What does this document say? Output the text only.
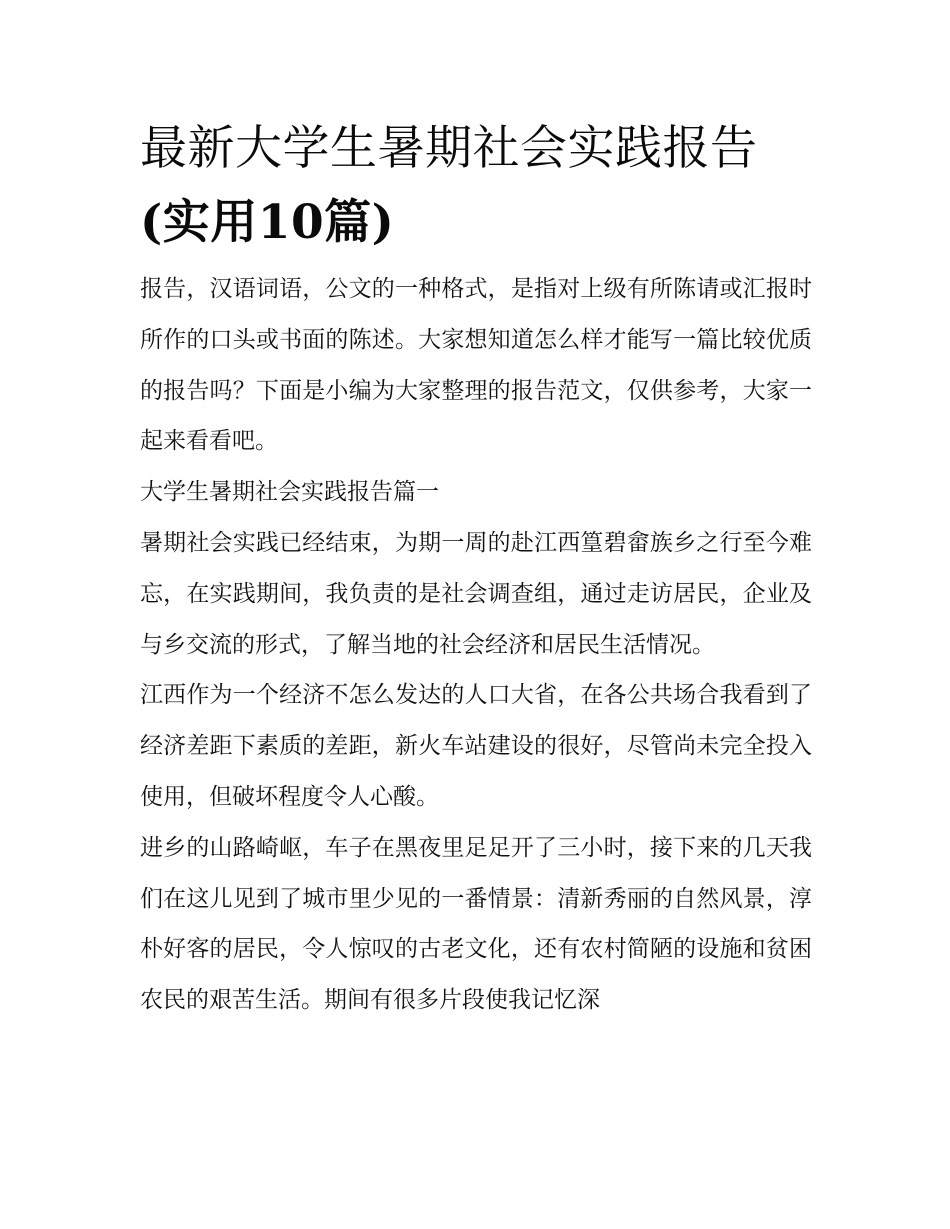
最新大学生暑期社会实践报告
(实用10篇)

报告，汉语词语，公文的一种格式，是指对上级有所陈请或汇报时所作的口头或书面的陈述。大家想知道怎么样才能写一篇比较优质的报告吗？下面是小编为大家整理的报告范文，仅供参考，大家一起来看看吧。

大学生暑期社会实践报告篇一

暑期社会实践已经结束，为期一周的赴江西篁碧畲族乡之行至今难忘，在实践期间，我负责的是社会调查组，通过走访居民，企业及与乡交流的形式，了解当地的社会经济和居民生活情况。

江西作为一个经济不怎么发达的人口大省，在各公共场合我看到了经济差距下素质的差距，新火车站建设的很好，尽管尚未完全投入使用，但破坏程度令人心酸。

进乡的山路崎岖，车子在黑夜里足足开了三小时，接下来的几天我们在这儿见到了城市里少见的一番情景：清新秀丽的自然风景，淳朴好客的居民，令人惊叹的古老文化，还有农村简陋的设施和贫困农民的艰苦生活。期间有很多片段使我记忆深
